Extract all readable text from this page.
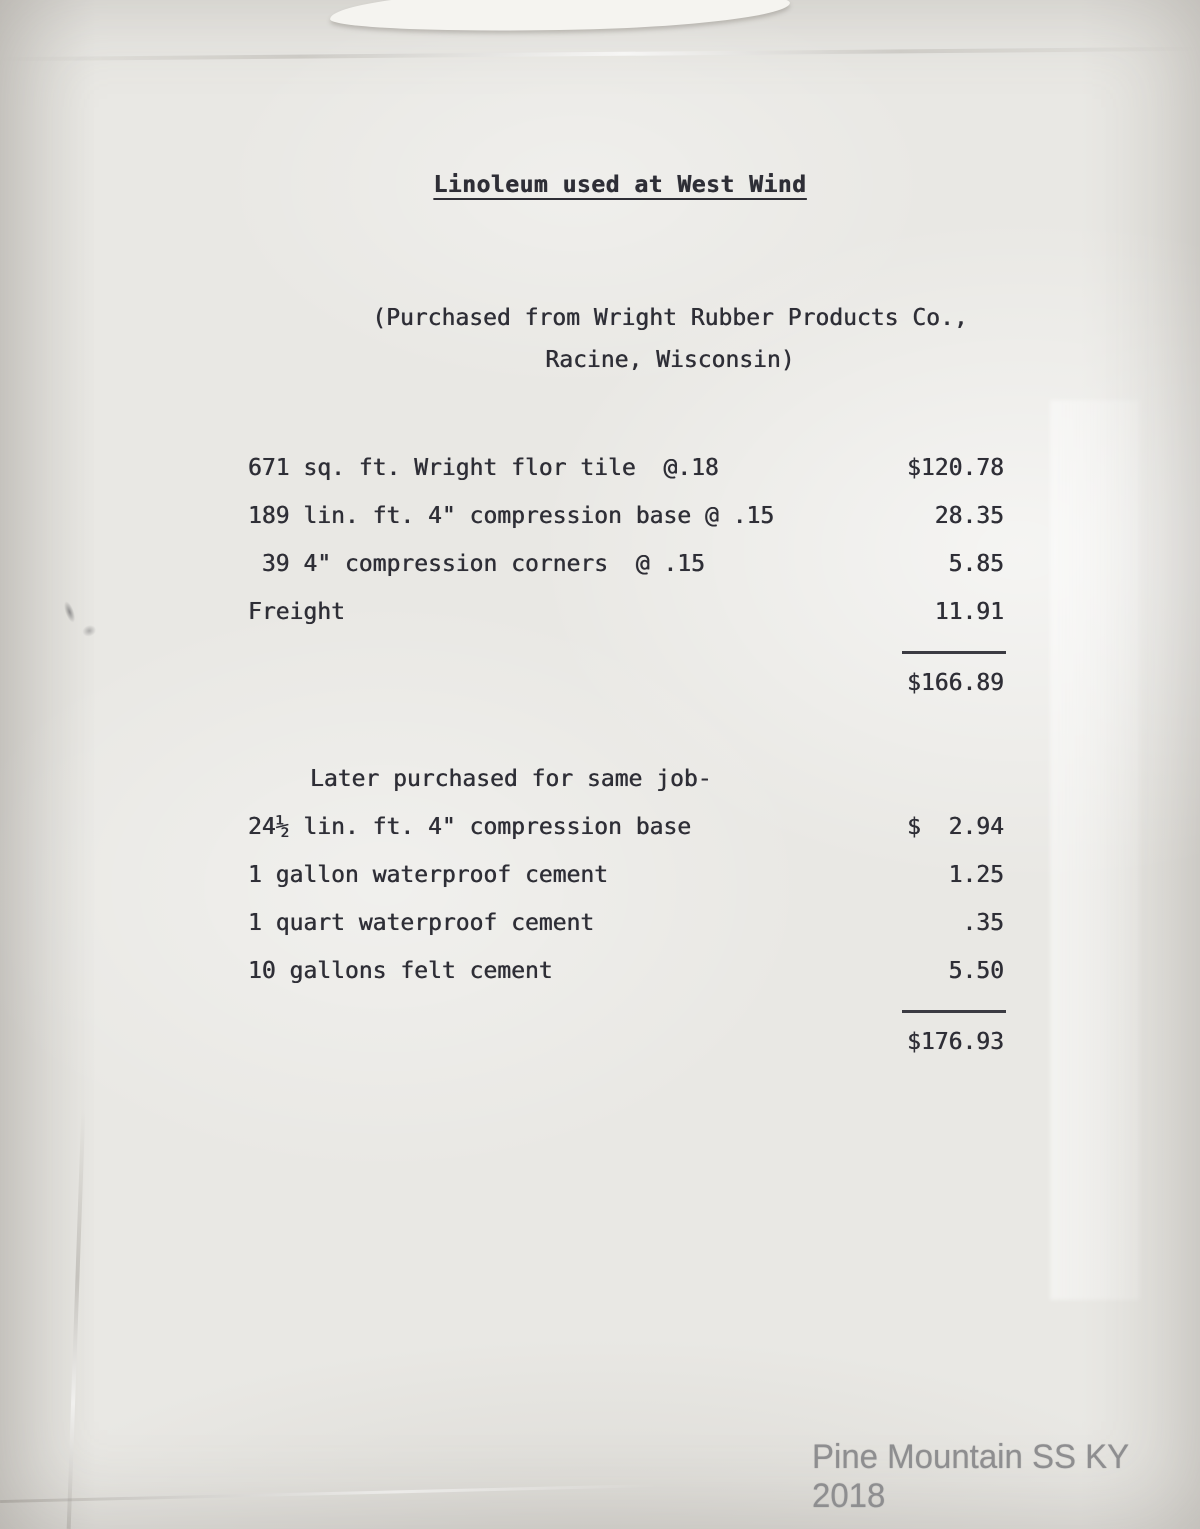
Linoleum used at West Wind
(Purchased from Wright Rubber Products Co.,
Racine, Wisconsin)
671 sq. ft. Wright flor tile  @.18	$120.78
189 lin. ft. 4" compression base @ .15	28.35
39 4" compression corners  @ .15	5.85
Freight	11.91
$166.89
Later purchased for same job-
24½ lin. ft. 4" compression base	$  2.94
1 gallon waterproof cement	1.25
1 quart waterproof cement	.35
10 gallons felt cement	5.50
$176.93
Pine Mountain SS KY 2018
